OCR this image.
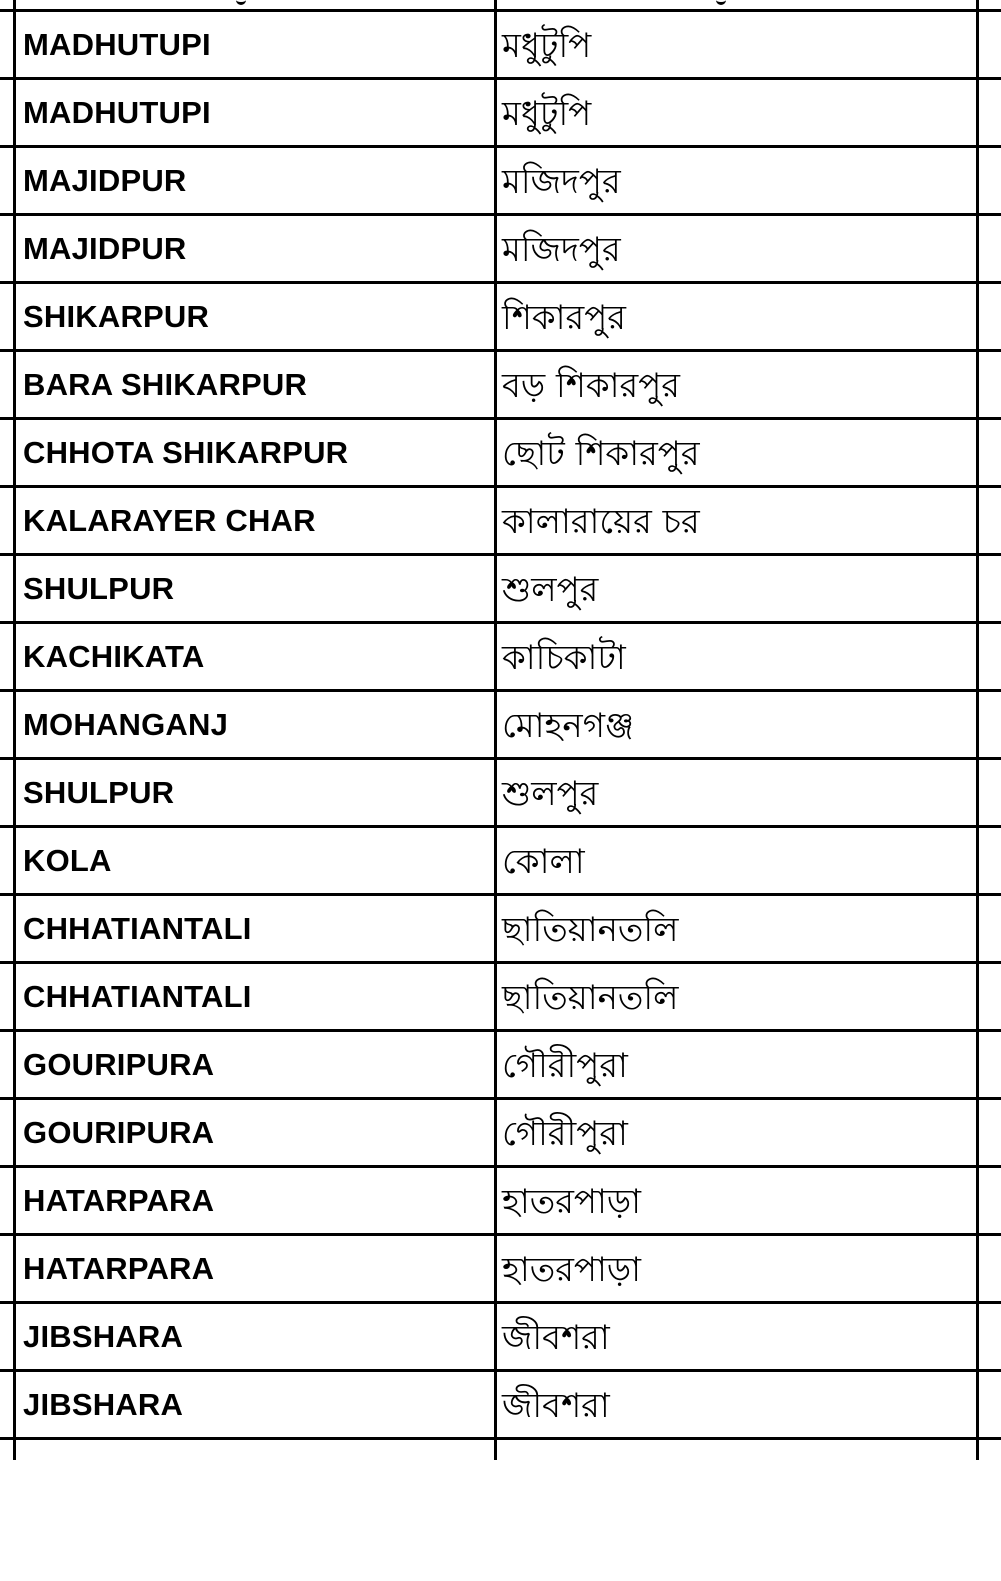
	MADHUTUPI	মধুটুপি	
	MADHUTUPI	মধুটুপি	
	MAJIDPUR	মজিদপুর	
	MAJIDPUR	মজিদপুর	
	SHIKARPUR	শিকারপুর	
	BARA SHIKARPUR	বড় শিকারপুর	
	CHHOTA SHIKARPUR	ছোট শিকারপুর	
	KALARAYER CHAR	কালারায়ের চর	
	SHULPUR	শুলপুর	
	KACHIKATA	কাচিকাটা	
	MOHANGANJ	মোহনগঞ্জ	
	SHULPUR	শুলপুর	
	KOLA	কোলা	
	CHHATIANTALI	ছাতিয়ানতলি	
	CHHATIANTALI	ছাতিয়ানতলি	
	GOURIPURA	গৌরীপুরা	
	GOURIPURA	গৌরীপুরা	
	HATARPARA	হাতরপাড়া	
	HATARPARA	হাতরপাড়া	
	JIBSHARA	জীবশরা	
	JIBSHARA	জীবশরা	
